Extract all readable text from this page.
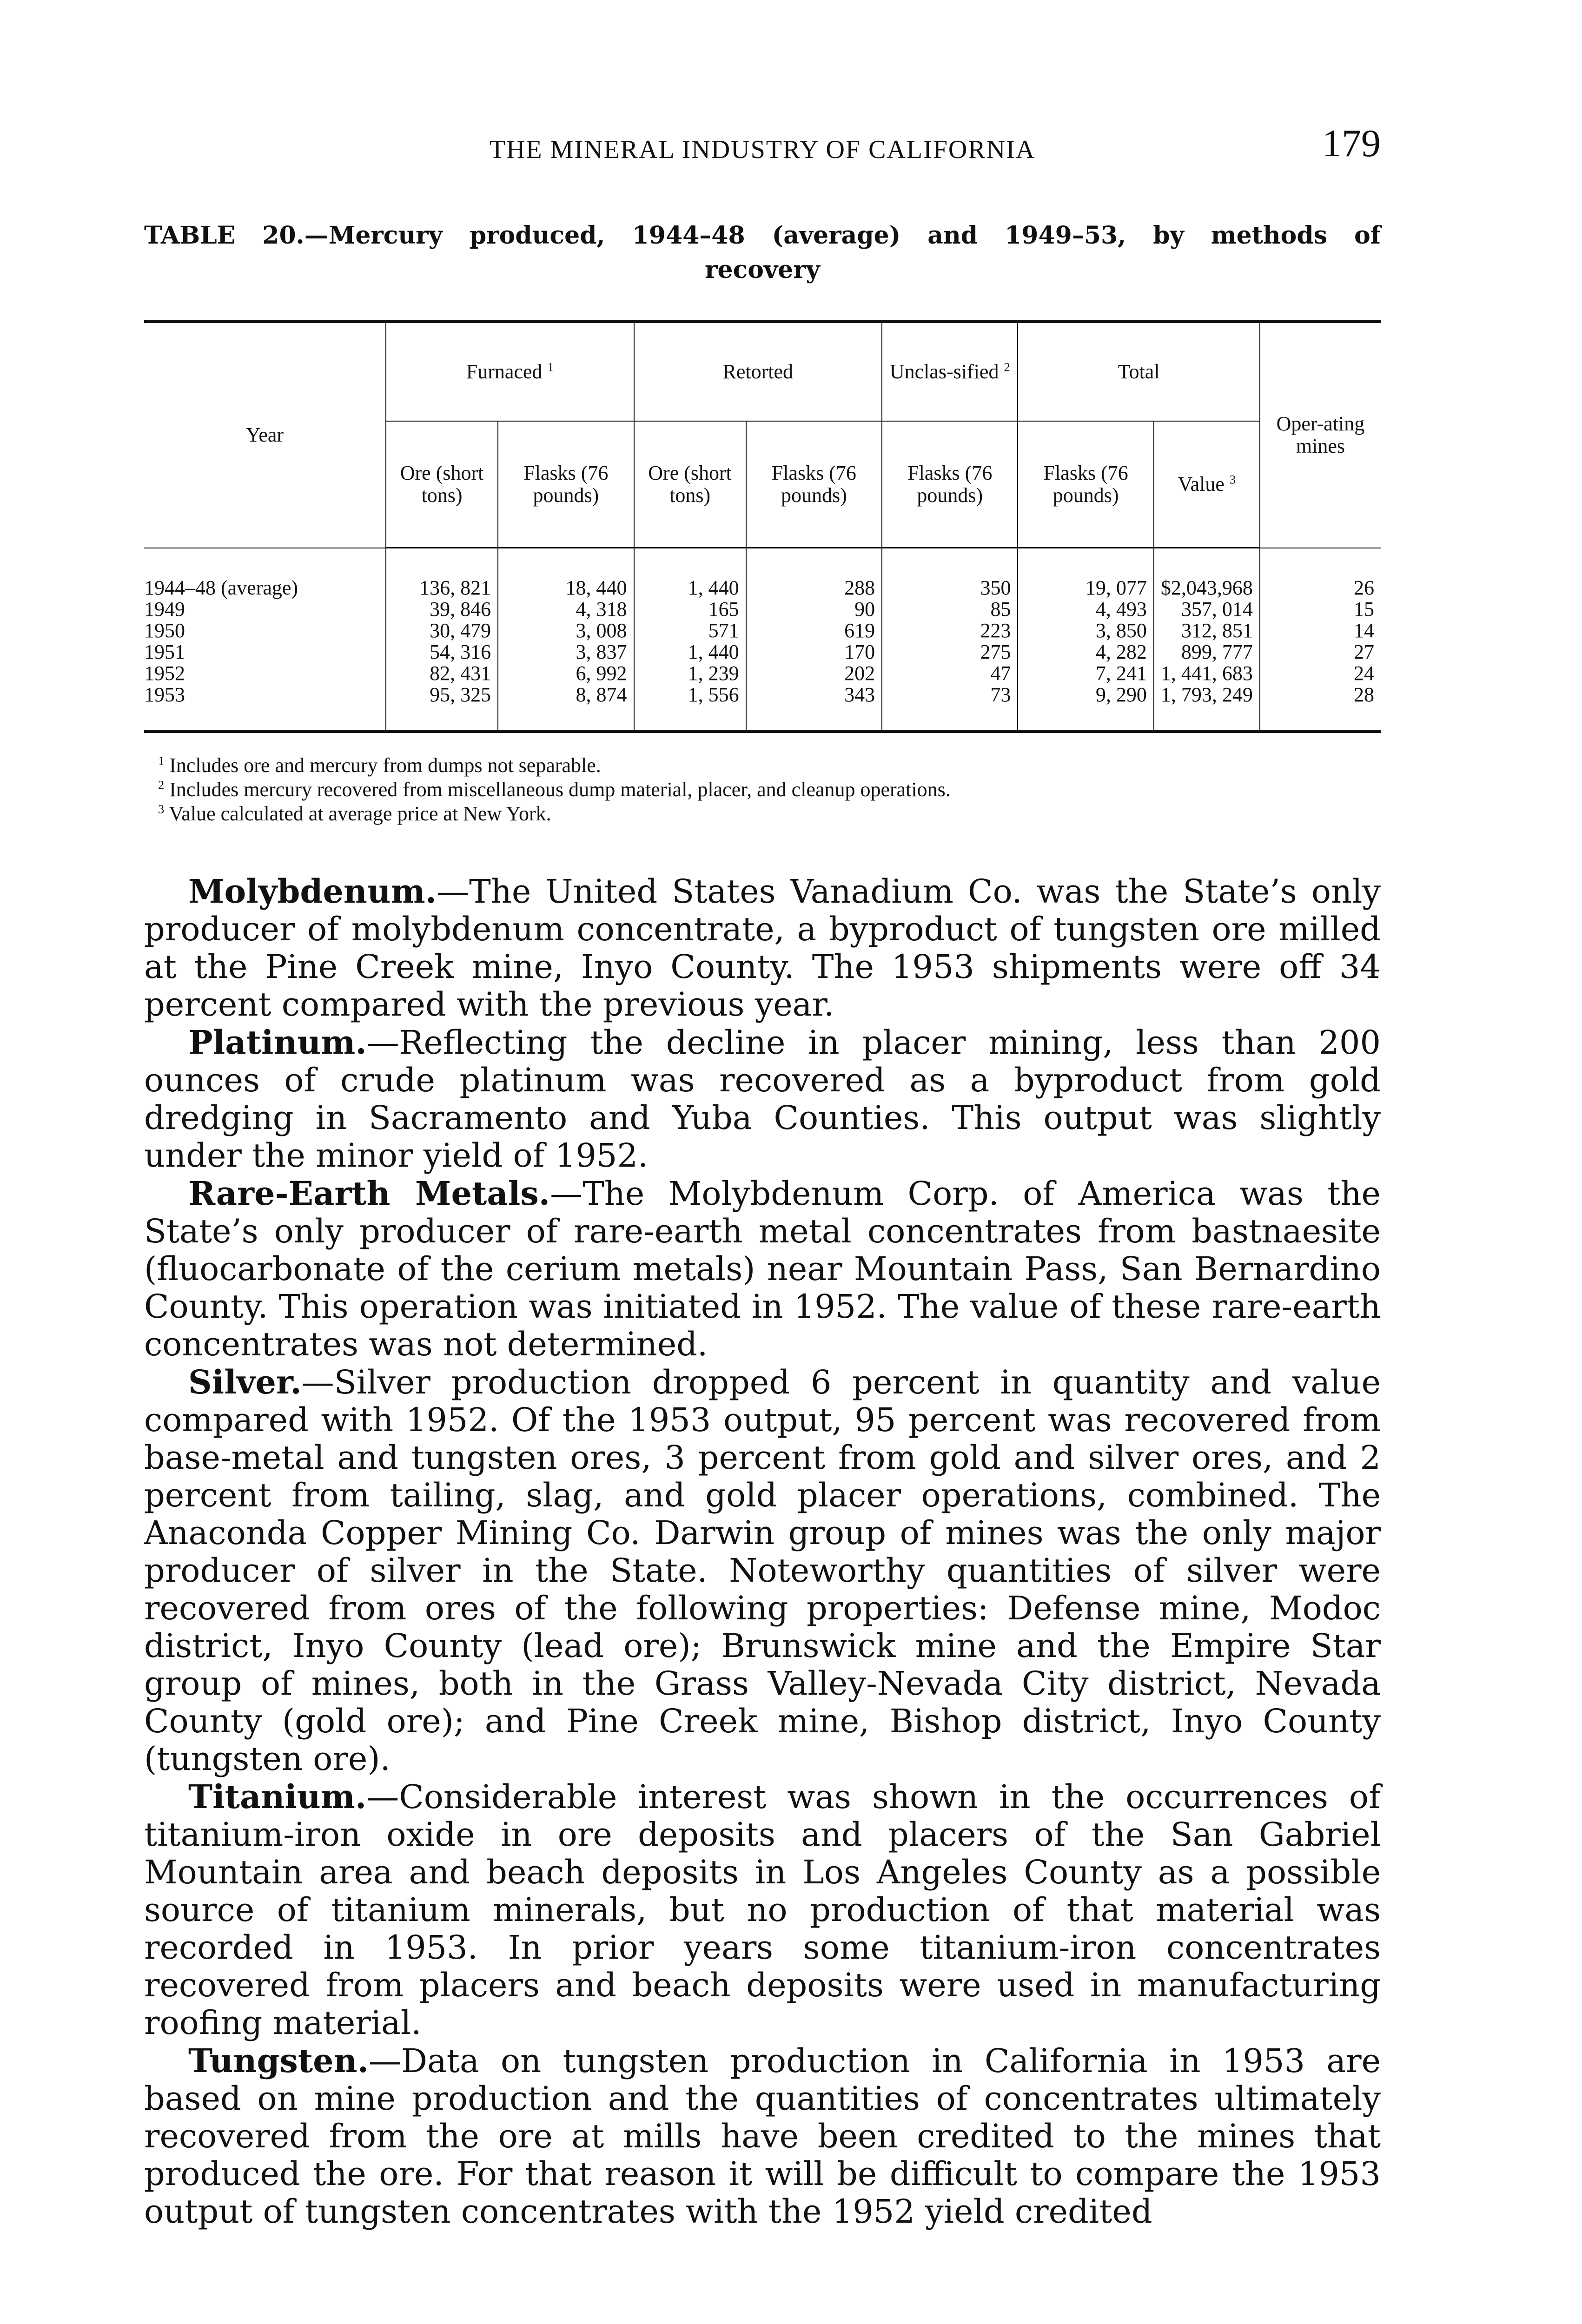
THE MINERAL INDUSTRY OF CALIFORNIA	179
TABLE 20.—Mercury produced, 1944–48 (average) and 1949–53, by methods of
recovery
Year	Furnaced $^1$		Retorted		Unclas-sified $^2$	Total		Oper-ating mines
	Ore (short tons)	Flasks (76 pounds)	Ore (short tons)	Flasks (76 pounds)	Flasks (76 pounds)	Flasks (76 pounds)	Value $^3$
1944–48 (average)	136, 821	18, 440	1, 440	288	350	19, 077	$2,043,968	26
1949	39, 846	4, 318	165	90	85	4, 493	357, 014	15
1950	30, 479	3, 008	571	619	223	3, 850	312, 851	14
1951	54, 316	3, 837	1, 440	170	275	4, 282	899, 777	27
1952	82, 431	6, 992	1, 239	202	47	7, 241	1, 441, 683	24
1953	95, 325	8, 874	1, 556	343	73	9, 290	1, 793, 249	28
$^1$ Includes ore and mercury from dumps not separable.
$^2$ Includes mercury recovered from miscellaneous dump material, placer, and cleanup operations.
$^3$ Value calculated at average price at New York.

Molybdenum.—The United States Vanadium Co. was the State’s only producer of molybdenum concentrate, a byproduct of tungsten ore milled at the Pine Creek mine, Inyo County. The 1953 shipments were off 34 percent compared with the previous year.

Platinum.—Reflecting the decline in placer mining, less than 200 ounces of crude platinum was recovered as a byproduct from gold dredging in Sacramento and Yuba Counties. This output was slightly under the minor yield of 1952.

Rare-Earth Metals.—The Molybdenum Corp. of America was the State’s only producer of rare-earth metal concentrates from bastnaesite (fluocarbonate of the cerium metals) near Mountain Pass, San Bernardino County. This operation was initiated in 1952. The value of these rare-earth concentrates was not determined.

Silver.—Silver production dropped 6 percent in quantity and value compared with 1952. Of the 1953 output, 95 percent was recovered from base-metal and tungsten ores, 3 percent from gold and silver ores, and 2 percent from tailing, slag, and gold placer operations, combined. The Anaconda Copper Mining Co. Darwin group of mines was the only major producer of silver in the State. Noteworthy quantities of silver were recovered from ores of the following properties: Defense mine, Modoc district, Inyo County (lead ore); Brunswick mine and the Empire Star group of mines, both in the Grass Valley-Nevada City district, Nevada County (gold ore); and Pine Creek mine, Bishop district, Inyo County (tungsten ore).

Titanium.—Considerable interest was shown in the occurrences of titanium-iron oxide in ore deposits and placers of the San Gabriel Mountain area and beach deposits in Los Angeles County as a possible source of titanium minerals, but no production of that material was recorded in 1953. In prior years some titanium-iron concentrates recovered from placers and beach deposits were used in manufacturing roofing material.

Tungsten.—Data on tungsten production in California in 1953 are based on mine production and the quantities of concentrates ultimately recovered from the ore at mills have been credited to the mines that produced the ore. For that reason it will be difficult to compare the 1953 output of tungsten concentrates with the 1952 yield credited
